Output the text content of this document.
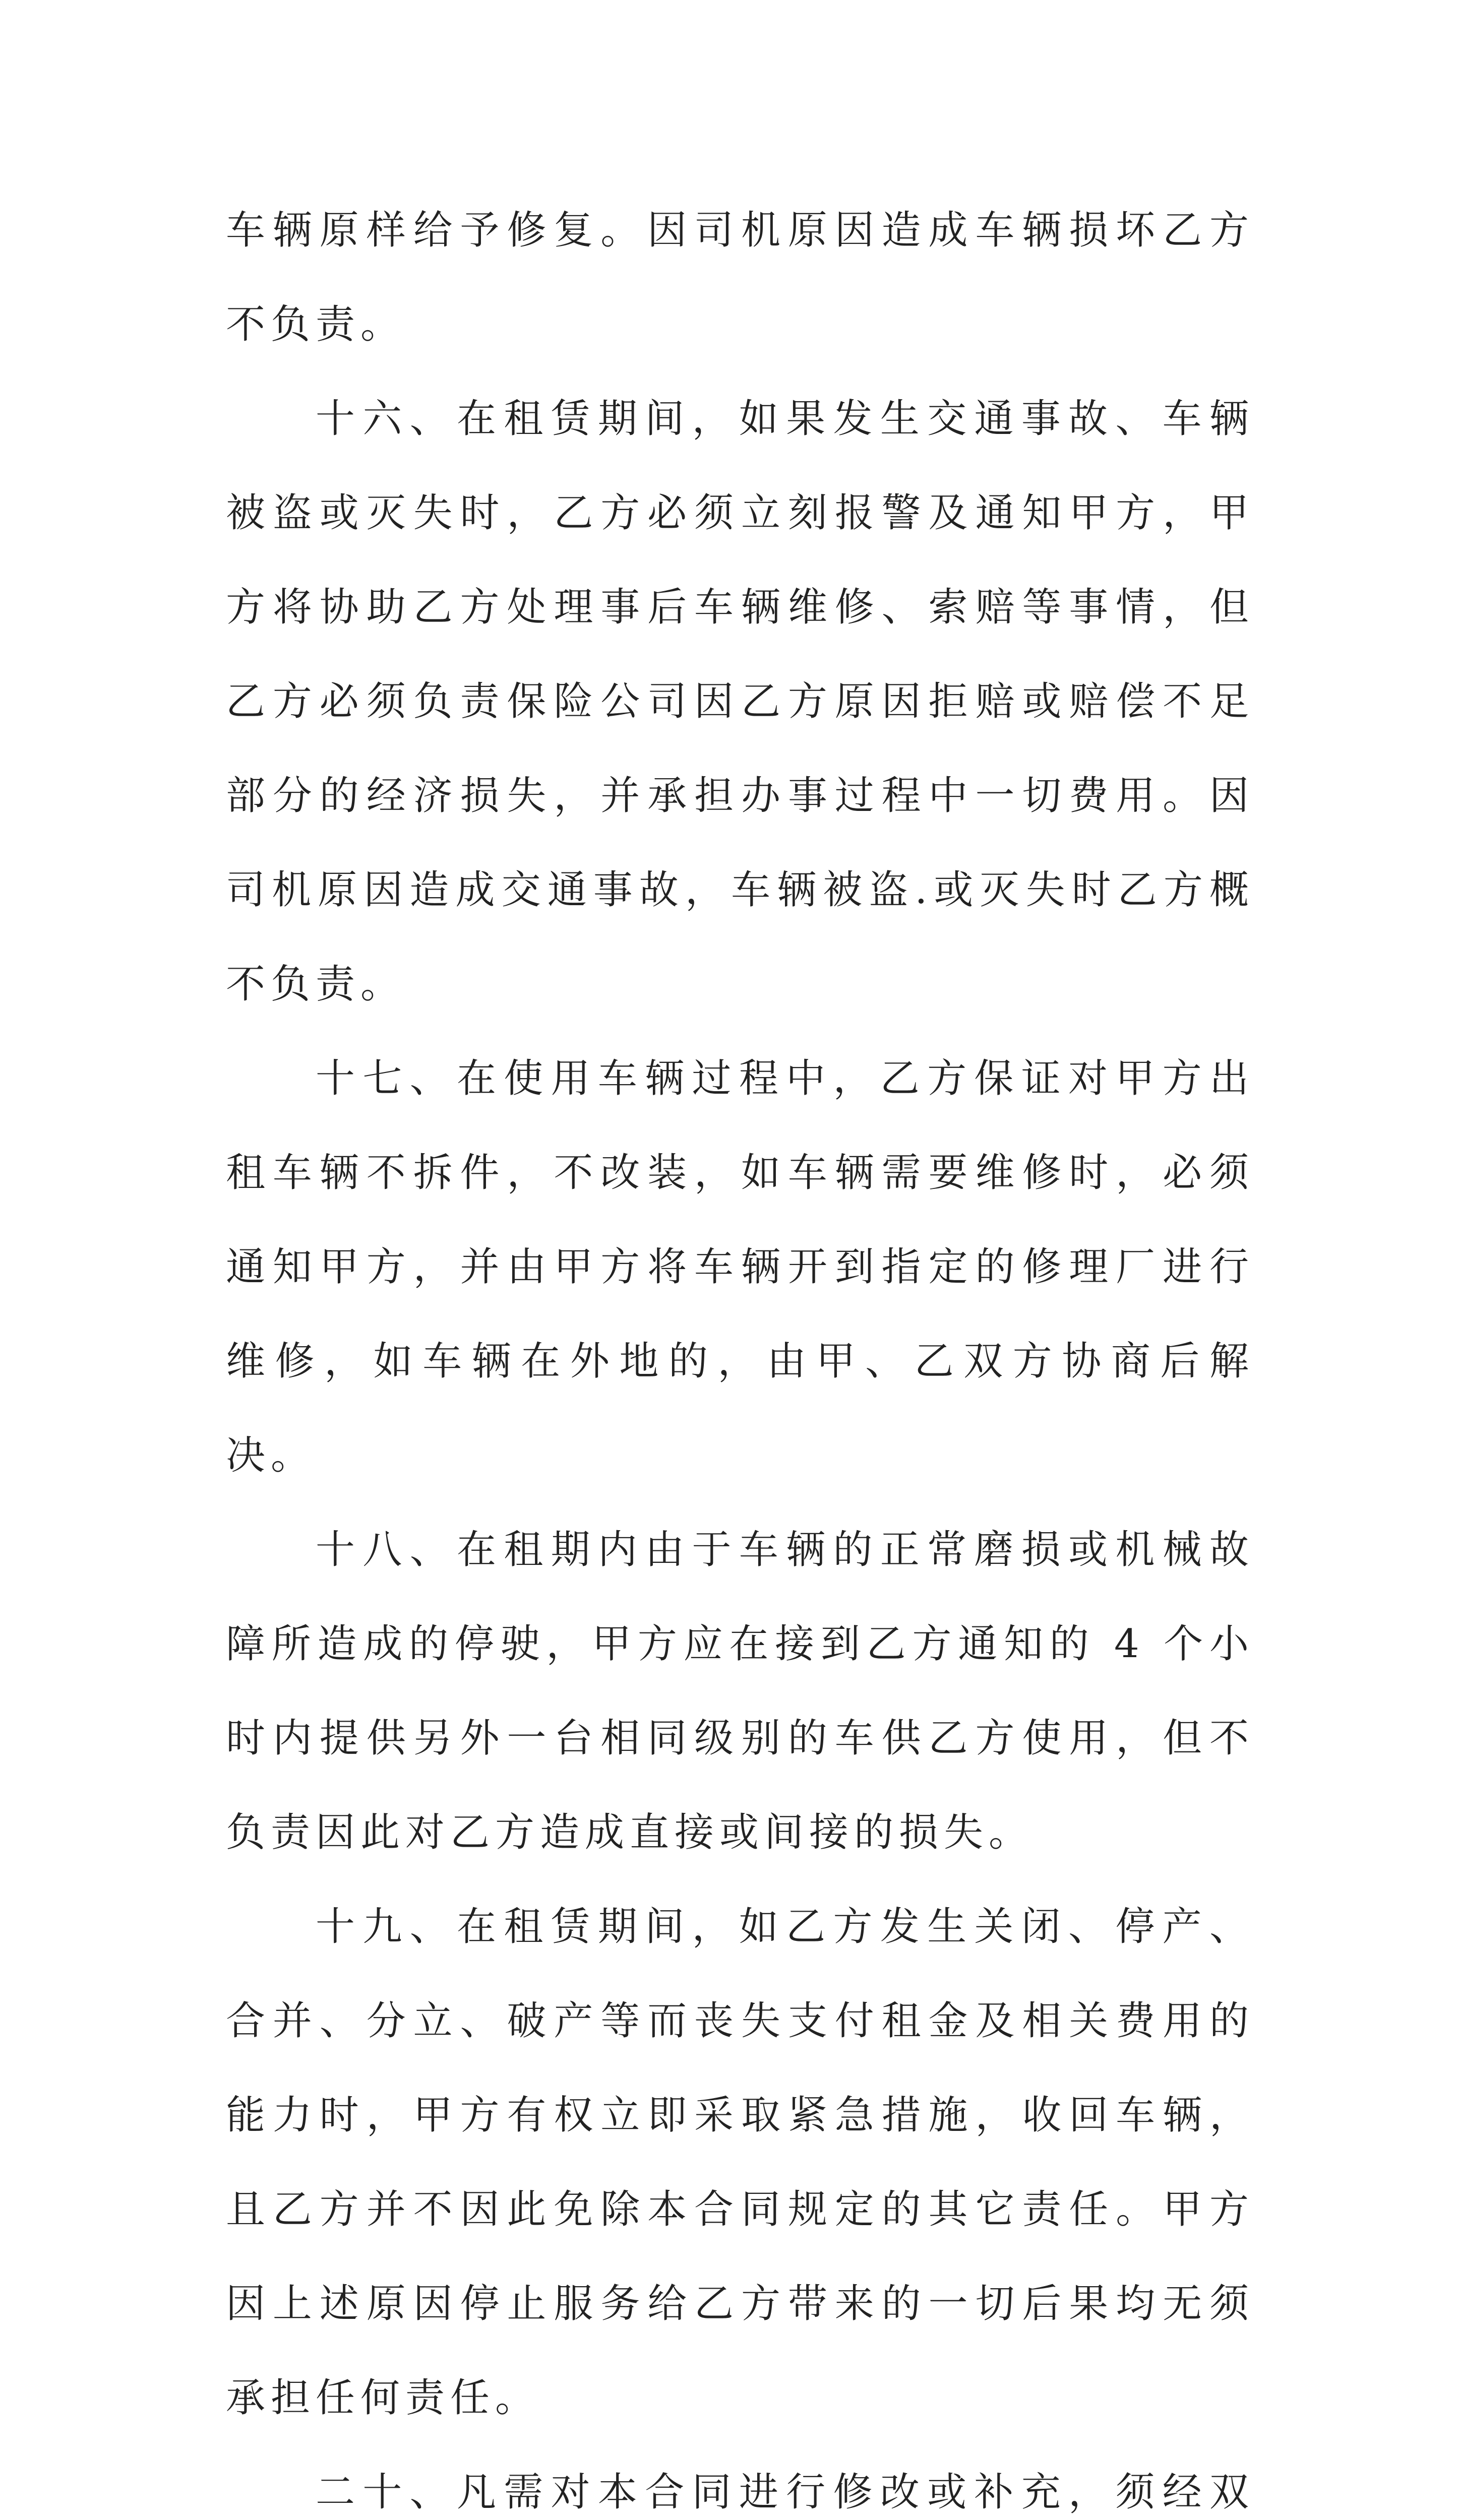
车辆原样给予修复。因司机原因造成车辆损坏乙方不负责。

十六、在租赁期间，如果发生交通事故、车辆被盗或灭失时，乙方必须立刻报警及通知甲方，甲方将协助乙方处理事后车辆维修、索赔等事情，但乙方必须负责保险公司因乙方原因拒赔或赔偿不足部分的经济损失，并承担办事过程中一切费用。因司机原因造成交通事故，车辆被盗.或灭失时乙方概不负责。

十七、在使用车辆过程中，乙方保证对甲方出租车辆不拆件，不改装，如车辆需要维修时，必须通知甲方，并由甲方将车辆开到指定的修理厂进行维修，如车辆在外地的，由甲、乙双方协商后解决。

十八、在租期内由于车辆的正常磨损或机械故障所造成的停驶，甲方应在接到乙方通知的 4 个小时内提供另外一台相同级别的车供乙方使用，但不负责因此对乙方造成直接或间接的损失。

十九、在租赁期间，如乙方发生关闭、停产、合并、分立、破产等而丧失支付租金及相关费用的能力时，甲方有权立即采取紧急措施，收回车辆，且乙方并不因此免除本合同规定的其它责任。甲方因上述原因停止服务给乙方带来的一切后果均无须承担任何责任。

二十、凡需对本合同进行修改或补充，须经双
